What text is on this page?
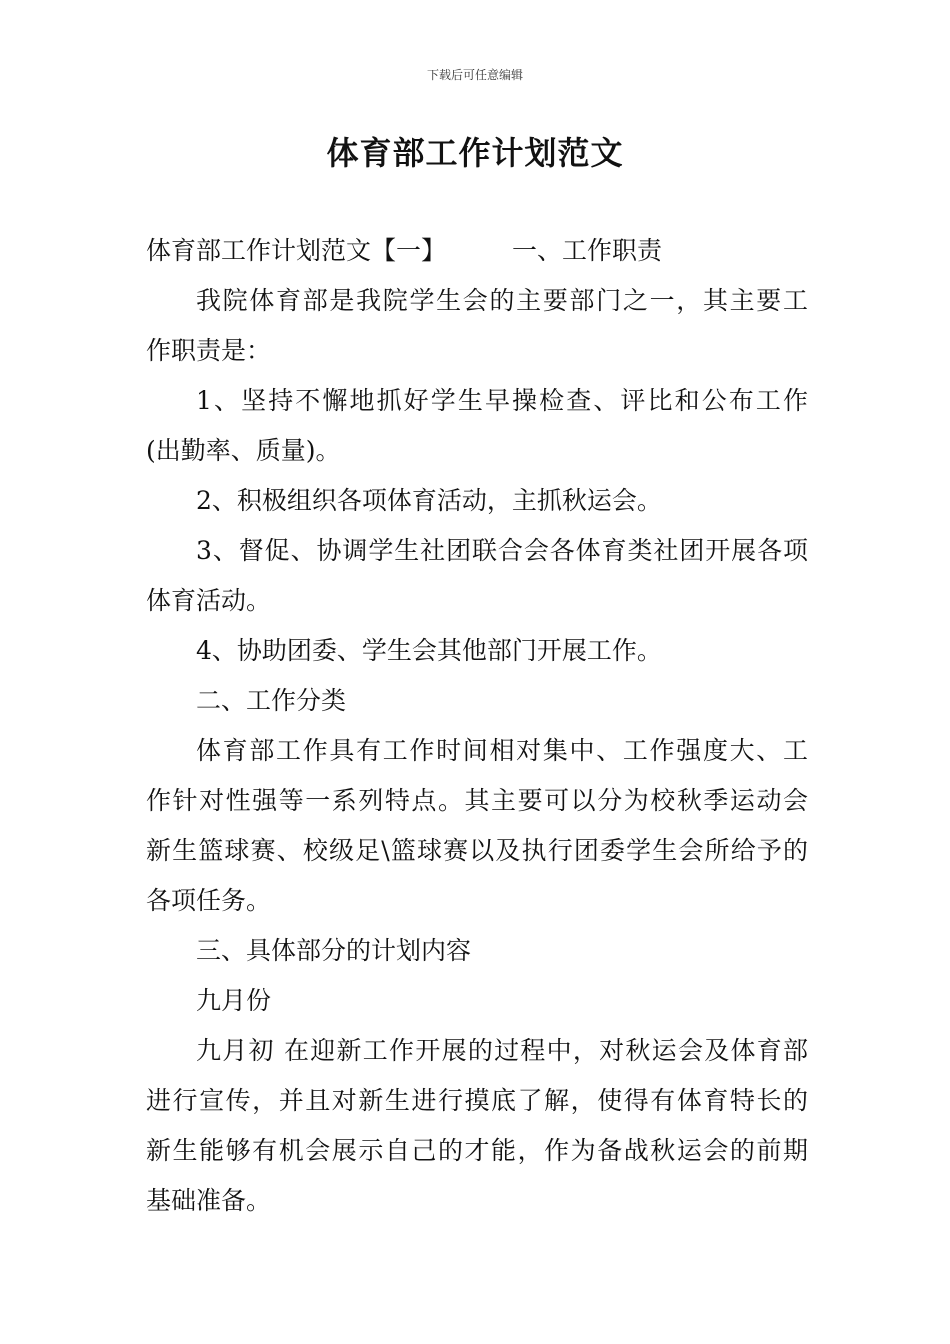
下载后可任意编辑
体育部工作计划范文
体育部工作计划范文【一】	一、工作职责
我院体育部是我院学生会的主要部门之一，其主要工
作职责是：
1、坚持不懈地抓好学生早操检查、评比和公布工作
(出勤率、质量)。
2、积极组织各项体育活动，主抓秋运会。
3、督促、协调学生社团联合会各体育类社团开展各项
体育活动。
4、协助团委、学生会其他部门开展工作。
二、工作分类
体育部工作具有工作时间相对集中、工作强度大、工
作针对性强等一系列特点。其主要可以分为校秋季运动会
新生篮球赛、校级足\篮球赛以及执行团委学生会所给予的
各项任务。
三、具体部分的计划内容
九月份
九月初 在迎新工作开展的过程中，对秋运会及体育部
进行宣传，并且对新生进行摸底了解，使得有体育特长的
新生能够有机会展示自己的才能，作为备战秋运会的前期
基础准备。
